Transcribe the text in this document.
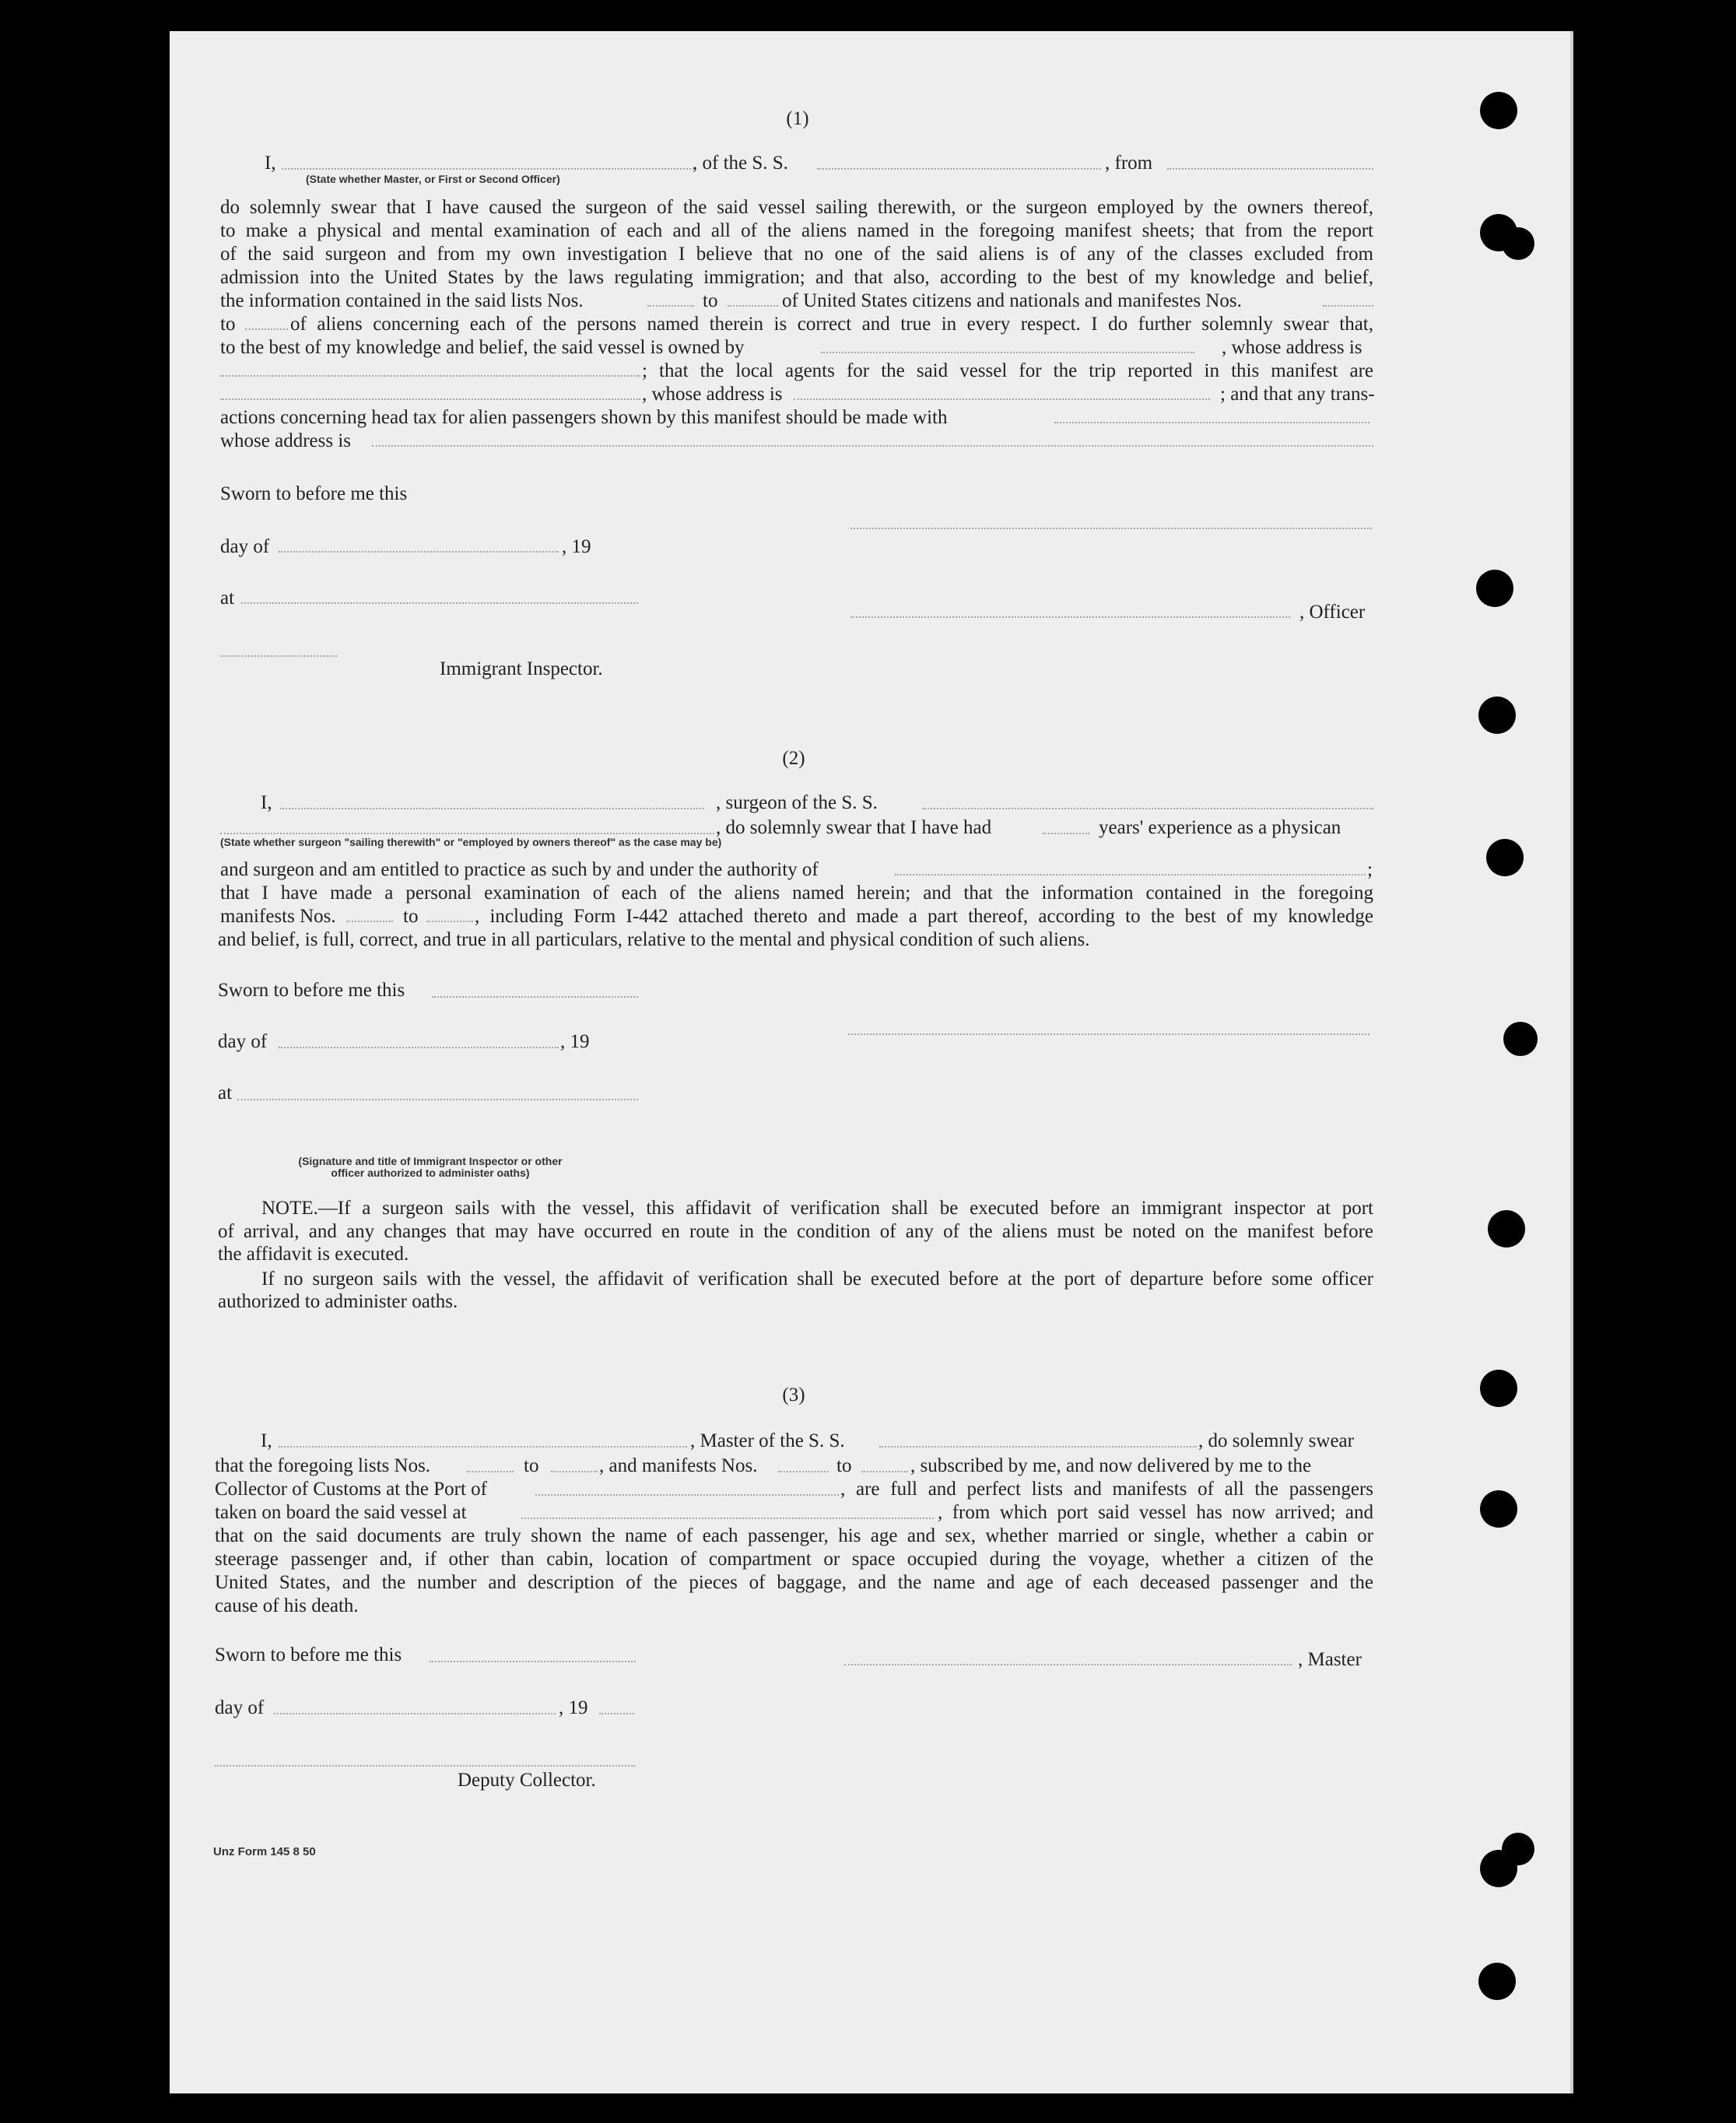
(1)
I,	, of the S. S.	, from
(State whether Master, or First or Second Officer)
do solemnly swear that I have caused the surgeon of the said vessel sailing therewith, or the surgeon employed by the owners thereof,
to make a physical and mental examination of each and all of the aliens named in the foregoing manifest sheets; that from the report
of the said surgeon and from my own investigation I believe that no one of the said aliens is of any of the classes excluded from
admission into the United States by the laws regulating immigration; and that also, according to the best of my knowledge and belief,
the information contained in the said lists Nos.	to	of United States citizens and nationals and manifestes Nos.
to	of aliens concerning each of the persons named therein is correct and true in every respect. I do further solemnly swear that,
to the best of my knowledge and belief, the said vessel is owned by	, whose address is
; that the local agents for the said vessel for the trip reported in this manifest are
, whose address is	; and that any trans-
actions concerning head tax for alien passengers shown by this manifest should be made with
whose address is
Sworn to before me this
day of	, 19
at
, Officer
Immigrant Inspector.
(2)
I,	, surgeon of the S. S.
, do solemnly swear that I have had	years' experience as a physican
(State whether surgeon "sailing therewith" or "employed by owners thereof" as the case may be)
and surgeon and am entitled to practice as such by and under the authority of	;
that I have made a personal examination of each of the aliens named herein; and that the information contained in the foregoing
manifests Nos.	to	, including Form I-442 attached thereto and made a part thereof, according to the best of my knowledge
and belief, is full, correct, and true in all particulars, relative to the mental and physical condition of such aliens.
Sworn to before me this
day of	, 19
at
(Signature and title of Immigrant Inspector or other
officer authorized to administer oaths)
NOTE.—If a surgeon sails with the vessel, this affidavit of verification shall be executed before an immigrant inspector at port
of arrival, and any changes that may have occurred en route in the condition of any of the aliens must be noted on the manifest before
the affidavit is executed.
If no surgeon sails with the vessel, the affidavit of verification shall be executed before at the port of departure before some officer
authorized to administer oaths.
(3)
I,	, Master of the S. S.	, do solemnly swear
that the foregoing lists Nos.	to	, and manifests Nos.	to	, subscribed by me, and now delivered by me to the
Collector of Customs at the Port of	, are full and perfect lists and manifests of all the passengers
taken on board the said vessel at	, from which port said vessel has now arrived; and
that on the said documents are truly shown the name of each passenger, his age and sex, whether married or single, whether a cabin or
steerage passenger and, if other than cabin, location of compartment or space occupied during the voyage, whether a citizen of the
United States, and the number and description of the pieces of baggage, and the name and age of each deceased passenger and the
cause of his death.
Sworn to before me this	, Master
day of	, 19
Deputy Collector.
Unz Form 145 8 50
